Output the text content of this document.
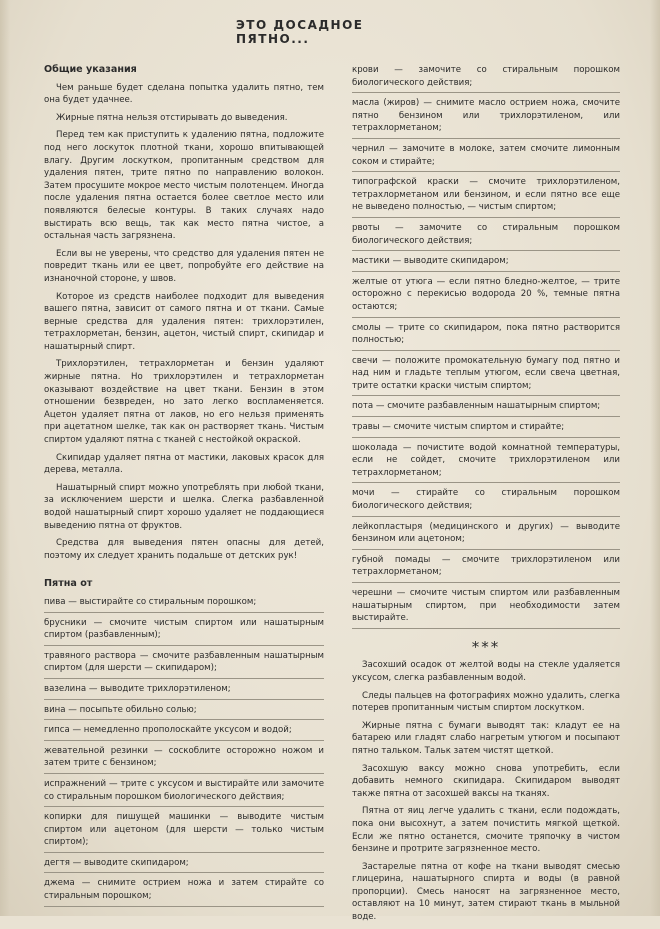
ЭТО ДОСАДНОЕ ПЯТНО...

Общие указания

Чем раньше будет сделана попытка удалить пятно, тем она будет удачнее.

Жирные пятна нельзя отстирывать до выведения.

Перед тем как приступить к удалению пятна, подложите под него лоскуток плотной ткани, хорошо впитывающей влагу. Другим лоскутком, пропитанным средством для удаления пятен, трите пятно по направлению волокон. Затем просушите мокрое место чистым полотенцем. Иногда после удаления пятна остается более светлое место или появляются белесые контуры. В таких случаях надо выстирать всю вещь, так как место пятна чистое, а остальная часть загрязнена.

Если вы не уверены, что средство для удаления пятен не повредит ткань или ее цвет, попробуйте его действие на изнаночной стороне, у швов.

Которое из средств наиболее подходит для выведения вашего пятна, зависит от самого пятна и от ткани. Самые верные средства для удаления пятен: трихлорэтилен, тетрахлорметан, бензин, ацетон, чистый спирт, скипидар и нашатырный спирт.

Трихлорэтилен, тетрахлорметан и бензин удаляют жирные пятна. Но трихлорэтилен и тетрахлорметан оказывают воздействие на цвет ткани. Бензин в этом отношении безвреден, но зато легко воспламеняется. Ацетон удаляет пятна от лаков, но его нельзя применять при ацетатном шелке, так как он растворяет ткань. Чистым спиртом удаляют пятна с тканей с нестойкой окраской.

Скипидар удаляет пятна от мастики, лаковых красок для дерева, металла.

Нашатырный спирт можно употреблять при любой ткани, за исключением шерсти и шелка. Слегка разбавленной водой нашатырный спирт хорошо удаляет не поддающиеся выведению пятна от фруктов.

Средства для выведения пятен опасны для детей, поэтому их следует хранить подальше от детских рук!

Пятна от

пива — выстирайте со стиральным порошком;

брусники — смочите чистым спиртом или нашатырным спиртом (разбавленным);

травяного раствора — смочите разбавленным нашатырным спиртом (для шерсти — скипидаром);

вазелина — выводите трихлорэтиленом;

вина — посыпьте обильно солью;

гипса — немедленно прополоскайте уксусом и водой;

жевательной резинки — соскоблите осторожно ножом и затем трите с бензином;

испражнений — трите с уксусом и выстирайте или замочите со стиральным порошком биологического действия;

копирки для пишущей машинки — выводите чистым спиртом или ацетоном (для шерсти — только чистым спиртом);

дегтя — выводите скипидаром;

джема — снимите острием ножа и затем стирайте со стиральным порошком;

крови — замочите со стиральным порошком биологического действия;

масла (жиров) — снимите масло острием ножа, смочите пятно бензином или трихлорэтиленом, или тетрахлорметаном;

чернил — замочите в молоке, затем смочите лимонным соком и стирайте;

типографской краски — смочите трихлорэтиленом, тетрахлорметаном или бензином, и если пятно все еще не выведено полностью, — чистым спиртом;

рвоты — замочите со стиральным порошком биологического действия;

мастики — выводите скипидаром;

желтые от утюга — если пятно бледно-желтое, — трите осторожно с перекисью водорода 20 %, темные пятна остаются;

смолы — трите со скипидаром, пока пятно растворится полностью;

свечи — положите промокательную бумагу под пятно и над ним и гладьте теплым утюгом, если свеча цветная, трите остатки краски чистым спиртом;

пота — смочите разбавленным нашатырным спиртом;

травы — смочите чистым спиртом и стирайте;

шоколада — почистите водой комнатной температуры, если не сойдет, смочите трихлорэтиленом или тетрахлорметаном;

мочи — стирайте со стиральным порошком биологического действия;

лейкопластыря (медицинского и других) — выводите бензином или ацетоном;

губной помады — смочите трихлорэтиленом или тетрахлорметаном;

черешни — смочите чистым спиртом или разбавленным нашатырным спиртом, при необходимости затем выстирайте.

***

Засохший осадок от желтой воды на стекле удаляется уксусом, слегка разбавленным водой.

Следы пальцев на фотографиях можно удалить, слегка потерев пропитанным чистым спиртом лоскутком.

Жирные пятна с бумаги выводят так: кладут ее на батарею или гладят слабо нагретым утюгом и посыпают пятно тальком. Тальк затем чистят щеткой.

Засохшую ваксу можно снова употребить, если добавить немного скипидара. Скипидаром выводят также пятна от засохшей ваксы на тканях.

Пятна от яиц легче удалить с ткани, если подождать, пока они высохнут, а затем почистить мягкой щеткой. Если же пятно останется, смочите тряпочку в чистом бензине и протрите загрязненное место.

Застарелые пятна от кофе на ткани выводят смесью глицерина, нашатырного спирта и воды (в равной пропорции). Смесь наносят на загрязненное место, оставляют на 10 минут, затем стирают ткань в мыльной воде.
